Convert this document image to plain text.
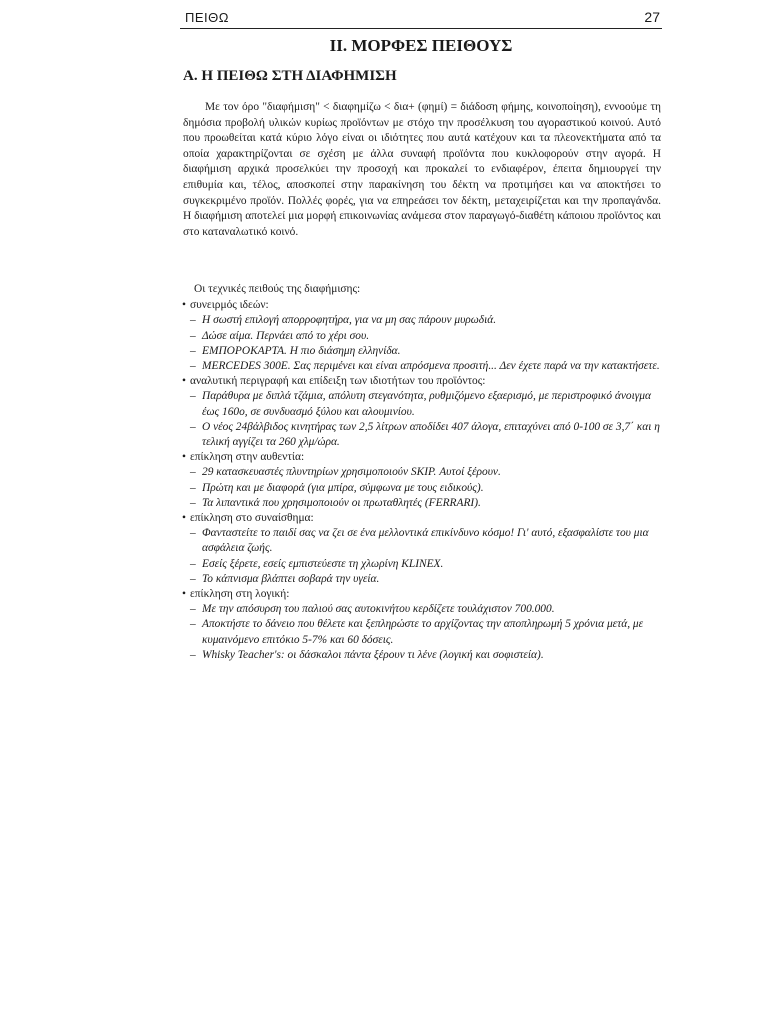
ΠΕΙΘΩ	27
II. ΜΟΡΦΕΣ ΠΕΙΘΟΥΣ
Α. Η ΠΕΙΘΩ ΣΤΗ ΔΙΑΦΗΜΙΣΗ

Με τον όρο "διαφήμιση" < διαφημίζω < δια+ (φημί) = διάδοση φήμης, κοινοποίηση), εννοούμε τη δημόσια προβολή υλικών κυρίως προϊόντων με στόχο την προσέλκυση του αγοραστικού κοινού. Αυτό που προωθείται κατά κύριο λόγο είναι οι ιδιότητες που αυτά κατέχουν και τα πλεονεκτήματα από τα οποία χαρακτηρίζονται σε σχέση με άλλα συναφή προϊόντα που κυκλοφορούν στην αγορά. Η διαφήμιση αρχικά προσελκύει την προσοχή και προκαλεί το ενδιαφέρον, έπειτα δημιουργεί την επιθυμία και, τέλος, αποσκοπεί στην παρακίνηση του δέκτη να προτιμήσει και να αποκτήσει το συγκεκριμένο προϊόν. Πολλές φορές, για να επηρεάσει τον δέκτη, μεταχειρίζεται και την προπαγάνδα. Η διαφήμιση αποτελεί μια μορφή επικοινωνίας ανάμεσα στον παραγωγό-διαθέτη κάποιου προϊόντος και στο καταναλωτικό κοινό.

Οι τεχνικές πειθούς της διαφήμισης:

• συνειρμός ιδεών:
– Η σωστή επιλογή απορροφητήρα, για να μη σας πάρουν μυρωδιά.
– Δώσε αίμα. Περνάει από το χέρι σου.
– ΕΜΠΟΡΟΚΑΡΤΑ. Η πιο διάσημη ελληνίδα.
– MERCEDES 300E. Σας περιμένει και είναι απρόσμενα προσιτή... Δεν έχετε παρά να την κατακτήσετε.
• αναλυτική περιγραφή και επίδειξη των ιδιοτήτων του προϊόντος:
– Παράθυρα με διπλά τζάμια, απόλυτη στεγανότητα, ρυθμιζόμενο εξαερισμό, με περιστροφικό άνοιγμα έως 160ο, σε συνδυασμό ξύλου και αλουμινίου.
– Ο νέος 24βάλβιδος κινητήρας των 2,5 λίτρων αποδίδει 407 άλογα, επιταχύνει από 0-100 σε 3,7΄ και η τελική αγγίζει τα 260 χλμ/ώρα.
• επίκληση στην αυθεντία:
– 29 κατασκευαστές πλυντηρίων χρησιμοποιούν SKIP. Αυτοί ξέρουν.
– Πρώτη και με διαφορά (για μπίρα, σύμφωνα με τους ειδικούς).
– Τα λιπαντικά που χρησιμοποιούν οι πρωταθλητές (FERRARI).
• επίκληση στο συναίσθημα:
– Φανταστείτε το παιδί σας να ζει σε ένα μελλοντικά επικίνδυνο κόσμο! Γι' αυτό, εξασφαλίστε του μια ασφάλεια ζωής.
– Εσείς ξέρετε, εσείς εμπιστεύεστε τη χλωρίνη KLINEX.
– Το κάπνισμα βλάπτει σοβαρά την υγεία.
• επίκληση στη λογική:
– Με την απόσυρση του παλιού σας αυτοκινήτου κερδίζετε τουλάχιστον 700.000.
– Αποκτήστε το δάνειο που θέλετε και ξεπληρώστε το αρχίζοντας την αποπληρωμή 5 χρόνια μετά, με κυμαινόμενο επιτόκιο 5-7% και 60 δόσεις.
– Whisky Teacher's: οι δάσκαλοι πάντα ξέρουν τι λένε (λογική και σοφιστεία).
